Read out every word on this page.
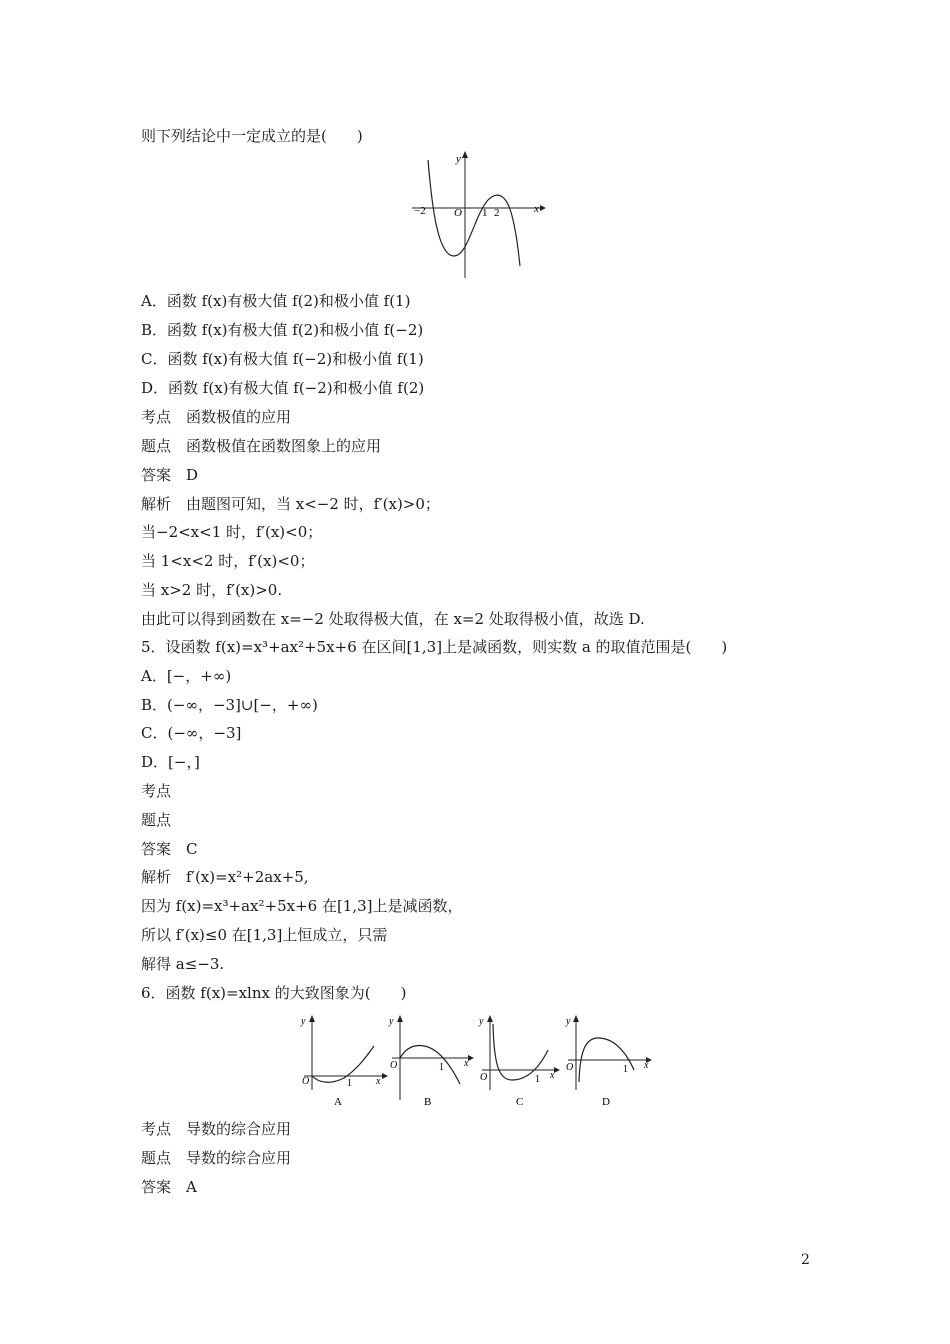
则下列结论中一定成立的是(　　)
A．函数 f(x)有极大值 f(2)和极小值 f(1)
B．函数 f(x)有极大值 f(2)和极小值 f(−2)
C．函数 f(x)有极大值 f(−2)和极小值 f(1)
D．函数 f(x)有极大值 f(−2)和极小值 f(2)
考点　函数极值的应用
题点　函数极值在函数图象上的应用
答案　D
解析　由题图可知，当 x<−2 时，f′(x)>0；
当−2<x<1 时，f′(x)<0；
当 1<x<2 时，f′(x)<0；
当 x>2 时，f′(x)>0.
由此可以得到函数在 x=−2 处取得极大值，在 x=2 处取得极小值，故选 D.
5．设函数 f(x)=x³+ax²+5x+6 在区间[1,3]上是减函数，则实数 a 的取值范围是(　　)
A．[−，+∞)
B．(−∞，−3]∪[−，+∞)
C．(−∞，−3]
D．[−，]
考点
题点
答案　C
解析　f′(x)=x²+2ax+5,
因为 f(x)=x³+ax²+5x+6 在[1,3]上是减函数，
所以 f′(x)≤0 在[1,3]上恒成立，只需
解得 a≤−3.
6．函数 f(x)=xlnx 的大致图象为(　　)
考点　导数的综合应用
题点　导数的综合应用
答案　A
y
x
O
−2	1 2
y
O	1 x
A
y
O	1 x
B
y
O	1 x
C
y
O	1 x
D
2
